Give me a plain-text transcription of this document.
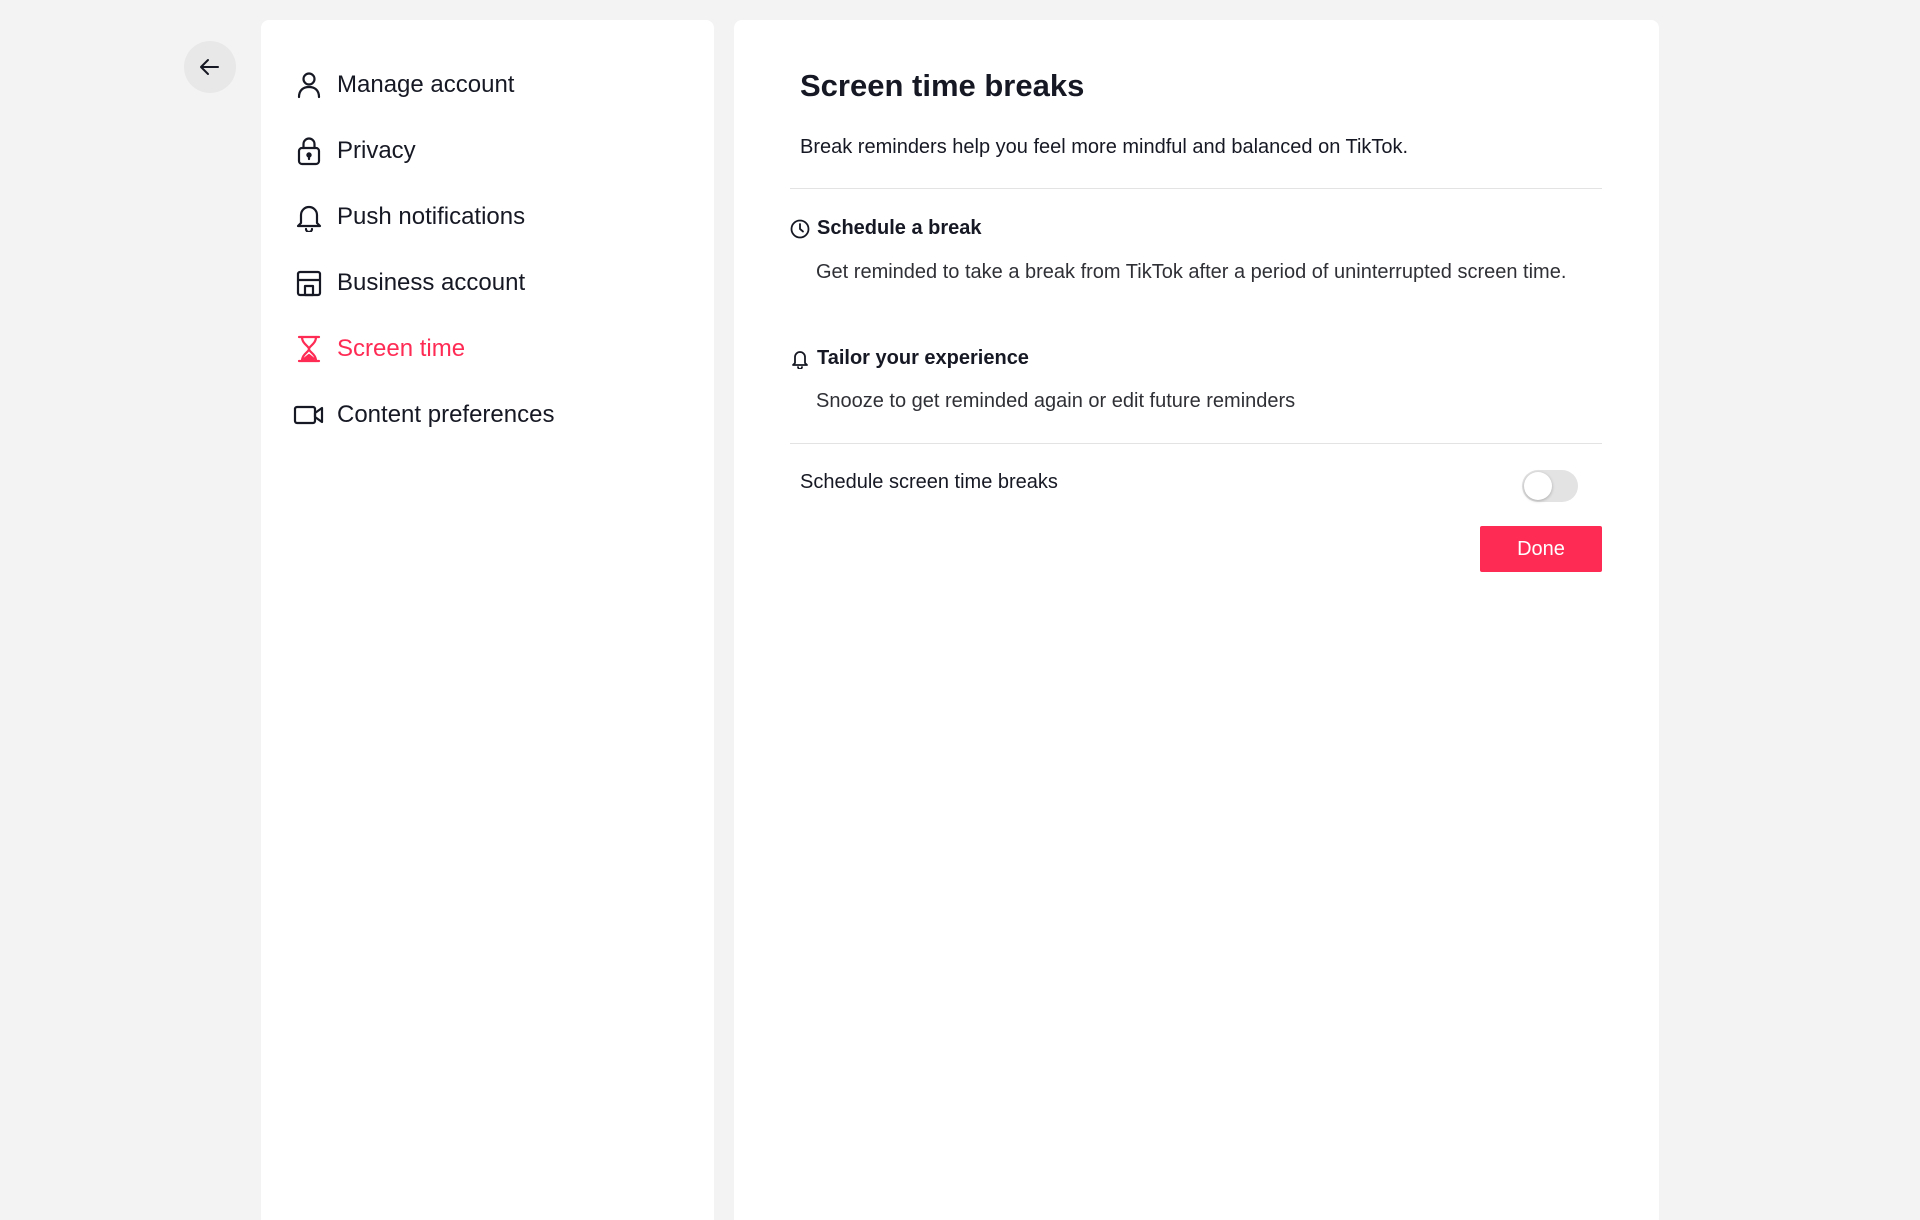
Manage account
Privacy
Push notifications
Business account
Screen time
Content preferences
Screen time breaks

Break reminders help you feel more mindful and balanced on TikTok.

Schedule a break

Get reminded to take a break from TikTok after a period of uninterrupted screen time.

Tailor your experience

Snooze to get reminded again or edit future reminders

Schedule screen time breaks
Done
